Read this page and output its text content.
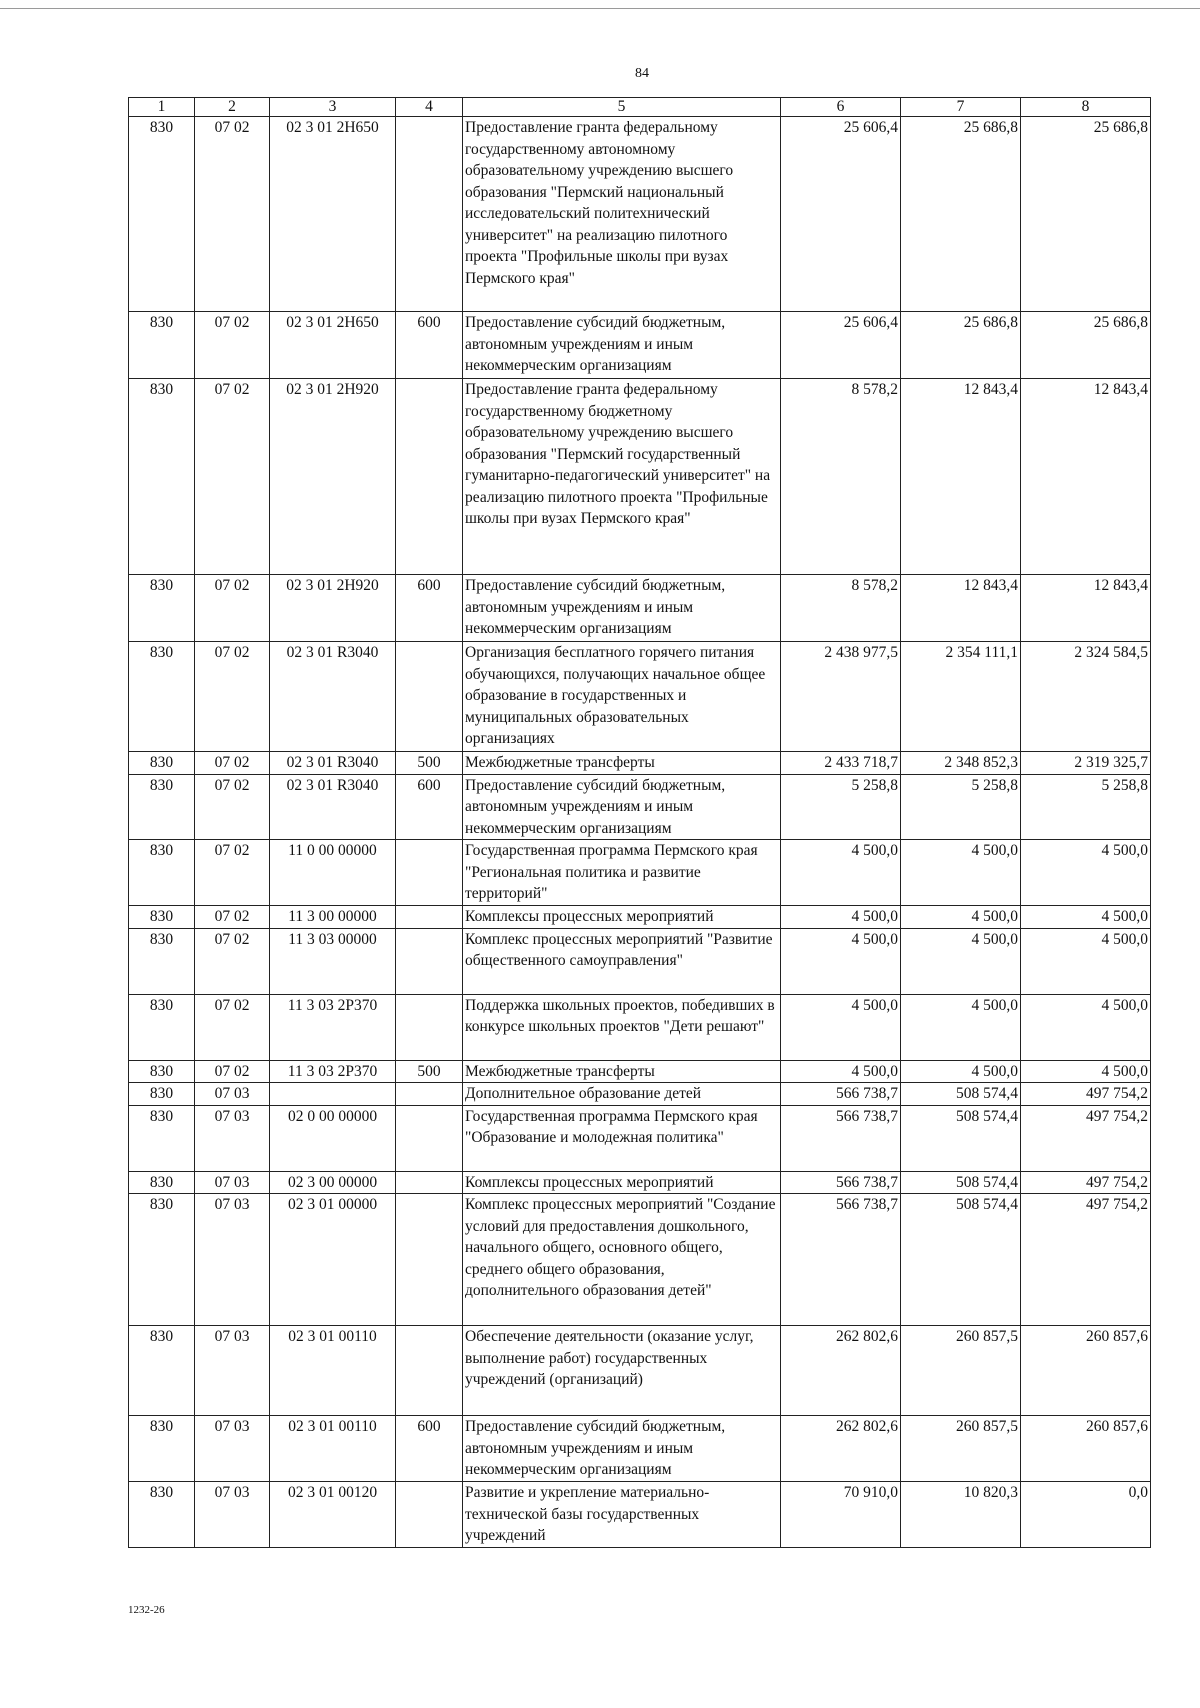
84
1	2	3	4	5	6	7	8
830	07 02	02 3 01 2Н650		Предоставление гранта федеральному государственному автономному образовательному учреждению высшего образования "Пермский национальный исследовательский политехнический университет" на реализацию пилотного проекта "Профильные школы при вузах Пермского края"	25 606,4	25 686,8	25 686,8
830	07 02	02 3 01 2Н650	600	Предоставление субсидий бюджетным, автономным учреждениям и иным некоммерческим организациям	25 606,4	25 686,8	25 686,8
830	07 02	02 3 01 2Н920		Предоставление гранта федеральному государственному бюджетному образовательному учреждению высшего образования "Пермский государственный гуманитарно-педагогический университет" на реализацию пилотного проекта "Профильные школы при вузах Пермского края"	8 578,2	12 843,4	12 843,4
830	07 02	02 3 01 2Н920	600	Предоставление субсидий бюджетным, автономным учреждениям и иным некоммерческим организациям	8 578,2	12 843,4	12 843,4
830	07 02	02 3 01 R3040		Организация бесплатного горячего питания обучающихся, получающих начальное общее образование в государственных и муниципальных образовательных организациях	2 438 977,5	2 354 111,1	2 324 584,5
830	07 02	02 3 01 R3040	500	Межбюджетные трансферты	2 433 718,7	2 348 852,3	2 319 325,7
830	07 02	02 3 01 R3040	600	Предоставление субсидий бюджетным, автономным учреждениям и иным некоммерческим организациям	5 258,8	5 258,8	5 258,8
830	07 02	11 0 00 00000		Государственная программа Пермского края "Региональная политика и развитие территорий"	4 500,0	4 500,0	4 500,0
830	07 02	11 3 00 00000		Комплексы процессных мероприятий	4 500,0	4 500,0	4 500,0
830	07 02	11 3 03 00000		Комплекс процессных мероприятий "Развитие общественного самоуправления"	4 500,0	4 500,0	4 500,0
830	07 02	11 3 03 2Р370		Поддержка школьных проектов, победивших в конкурсе школьных проектов "Дети решают"	4 500,0	4 500,0	4 500,0
830	07 02	11 3 03 2Р370	500	Межбюджетные трансферты	4 500,0	4 500,0	4 500,0
830	07 03			Дополнительное образование детей	566 738,7	508 574,4	497 754,2
830	07 03	02 0 00 00000		Государственная программа Пермского края "Образование и молодежная политика"	566 738,7	508 574,4	497 754,2
830	07 03	02 3 00 00000		Комплексы процессных мероприятий	566 738,7	508 574,4	497 754,2
830	07 03	02 3 01 00000		Комплекс процессных мероприятий "Создание условий для предоставления дошкольного, начального общего, основного общего, среднего общего образования, дополнительного образования детей"	566 738,7	508 574,4	497 754,2
830	07 03	02 3 01 00110		Обеспечение деятельности (оказание услуг, выполнение работ) государственных учреждений (организаций)	262 802,6	260 857,5	260 857,6
830	07 03	02 3 01 00110	600	Предоставление субсидий бюджетным, автономным учреждениям и иным некоммерческим организациям	262 802,6	260 857,5	260 857,6
830	07 03	02 3 01 00120		Развитие и укрепление материально-технической базы государственных учреждений	70 910,0	10 820,3	0,0
1232-26
